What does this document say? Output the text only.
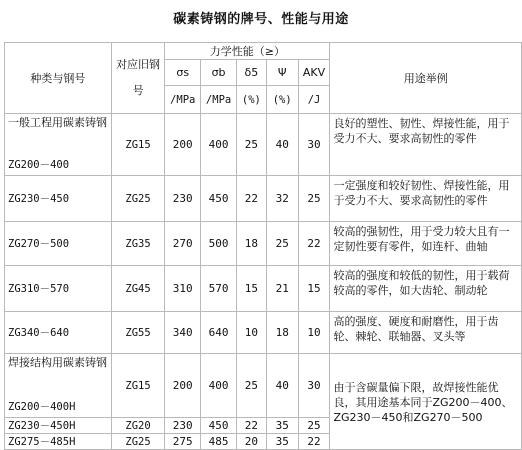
碳素铸钢的牌号、性能与用途
种类与钢号	对应旧钢号	力学性能（≥）					用途举例
		σs	σb	δ5	Ψ	AKV	
		/MPa	/MPa	(%)	(%)	/J	

一般工程用碳素铸钢
ZG200－400	ZG15	200	400	25	40	30	良好的塑性、韧性、焊接性能，用于受力不大、要求高韧性的零件
ZG230－450	ZG25	230	450	22	32	25	一定强度和较好韧性、焊接性能，用于受力不大、要求高韧性的零件
ZG270－500	ZG35	270	500	18	25	22	较高的强韧性，用于受力较大且有一定韧性要有零件，如连杆、曲轴
ZG310－570	ZG45	310	570	15	21	15	较高的强度和较低的韧性，用于载荷较高的零件，如大齿轮、制动轮
ZG340－640	ZG55	340	640	10	18	10	高的强度、硬度和耐磨性，用于齿轮、棘轮、联轴器、叉头等

焊接结构用碳素铸钢
ZG200－400H	ZG15	200	400	25	40	30	由于含碳量偏下限，故焊接性能优良，其用途基本同于ZG200－400、ZG230－450和ZG270－500
ZG230－450H	ZG20	230	450	22	35	25	
ZG275－485H	ZG25	275	485	20	35	22	
